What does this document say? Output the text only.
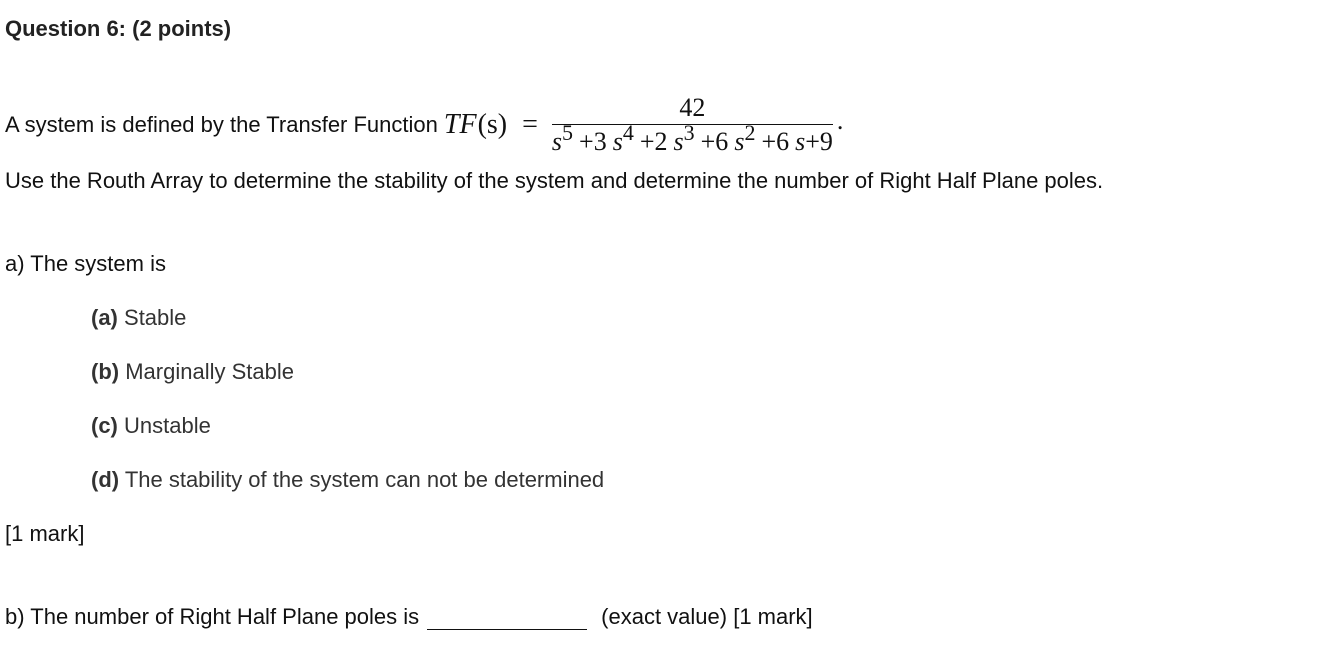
Question 6: (2 points)
A system is defined by the Transfer Function TF $(s) = \frac{42}{s^5 +3 s^4 +2 s^3 +6 s^2 +6 s+9}$ .
Use the Routh Array to determine the stability of the system and determine the number of Right Half Plane poles.
a) The system is
(a) Stable
(b) Marginally Stable
(c) Unstable
(d) The stability of the system can not be determined
[1 mark]
b) The number of Right Half Plane poles is	(exact value) [1 mark]
